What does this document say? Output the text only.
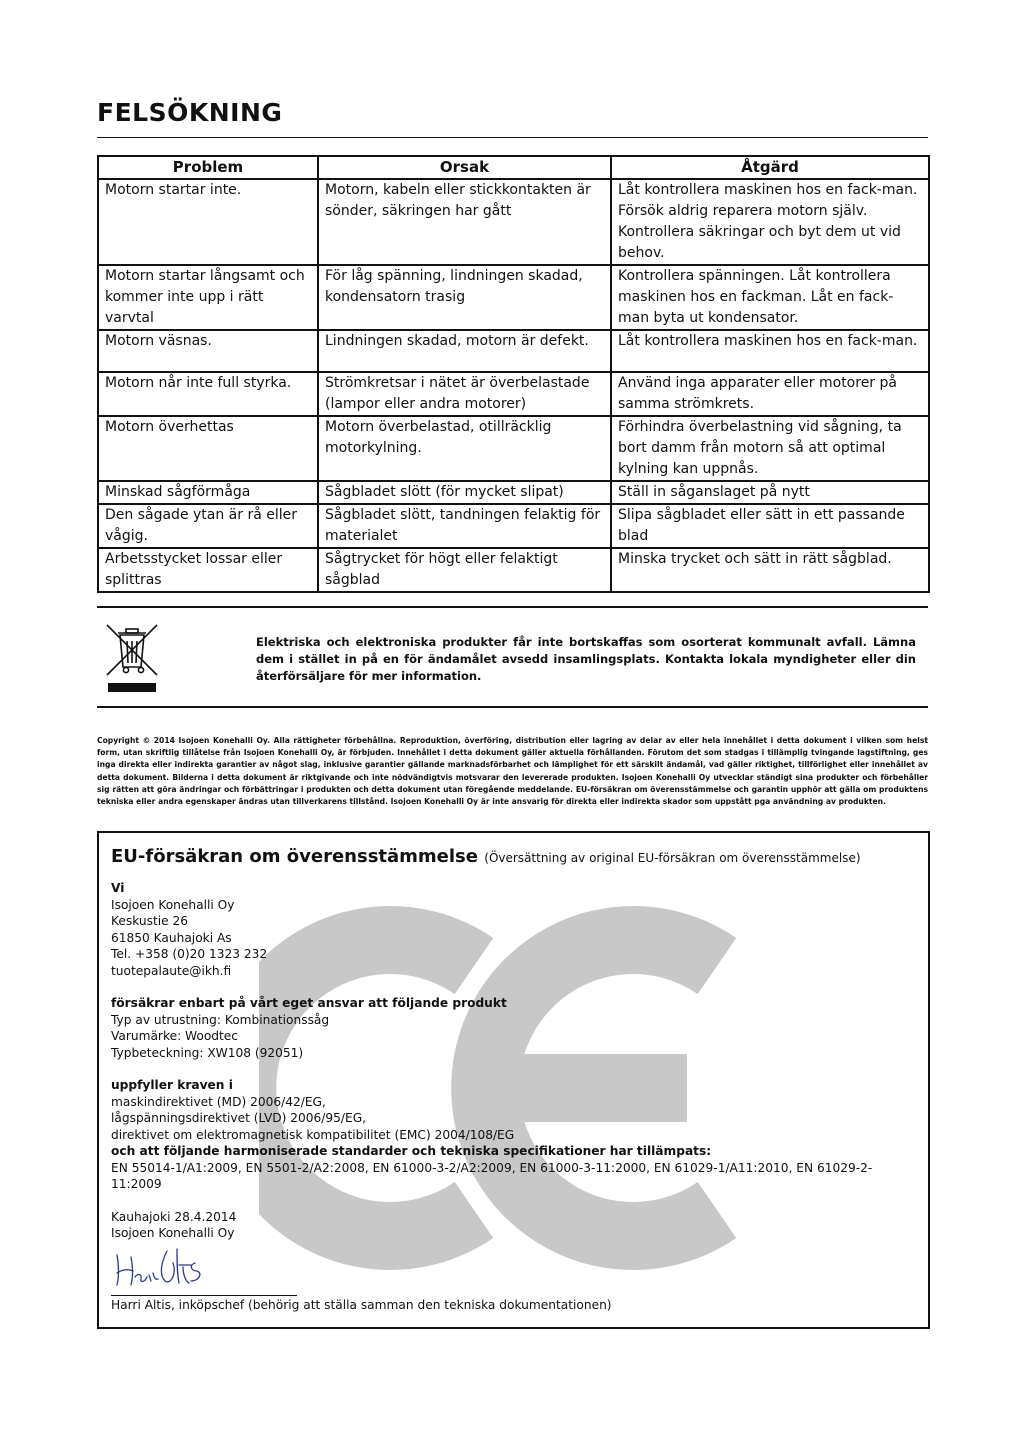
FELSÖKNING
Problem	Orsak	Åtgärd
Motorn startar inte.	Motorn, kabeln eller stickkontakten är sönder, säkringen har gått	Låt kontrollera maskinen hos en fack-man. Försök aldrig reparera motorn själv. Kontrollera säkringar och byt dem ut vid behov.
Motorn startar långsamt och kommer inte upp i rätt varvtal	För låg spänning, lindningen skadad, kondensatorn trasig	Kontrollera spänningen. Låt kontrollera maskinen hos en fackman. Låt en fack-man byta ut kondensator.
Motorn väsnas.	Lindningen skadad, motorn är defekt.	Låt kontrollera maskinen hos en fack-man.
Motorn når inte full styrka.	Strömkretsar i nätet är överbelastade (lampor eller andra motorer)	Använd inga apparater eller motorer på samma strömkrets.
Motorn överhettas	Motorn överbelastad, otillräcklig motorkylning.	Förhindra överbelastning vid sågning, ta bort damm från motorn så att optimal kylning kan uppnås.
Minskad sågförmåga	Sågbladet slött (för mycket slipat)	Ställ in såganslaget på nytt
Den sågade ytan är rå eller vågig.	Sågbladet slött, tandningen felaktig för materialet	Slipa sågbladet eller sätt in ett passande blad
Arbetsstycket lossar eller splittras	Sågtrycket för högt eller felaktigt sågblad	Minska trycket och sätt in rätt sågblad.
Elektriska och elektroniska produkter får inte bortskaffas som osorterat kommunalt avfall. Lämna dem i stället in på en för ändamålet avsedd insamlingsplats. Kontakta lokala myndigheter eller din återförsäljare för mer information.
Copyright © 2014 Isojoen Konehalli Oy. Alla rättigheter förbehållna. Reproduktion, överföring, distribution eller lagring av delar av eller hela innehållet i detta dokument i vilken som helst form, utan skriftlig tillåtelse från Isojoen Konehalli Oy, är förbjuden. Innehållet i detta dokument gäller aktuella förhållanden. Förutom det som stadgas i tillämplig tvingande lagstiftning, ges inga direkta eller indirekta garantier av något slag, inklusive garantier gällande marknadsförbarhet och lämplighet för ett särskilt ändamål, vad gäller riktighet, tillförlighet eller innehållet av detta dokument. Bilderna i detta dokument är riktgivande och inte nödvändigtvis motsvarar den levererade produkten. Isojoen Konehalli Oy utvecklar ständigt sina produkter och förbehåller sig rätten att göra ändringar och förbättringar i produkten och detta dokument utan föregående meddelande. EU-försäkran om överensstämmelse och garantin upphör att gälla om produktens tekniska eller andra egenskaper ändras utan tillverkarens tillstånd. Isojoen Konehalli Oy är inte ansvarig för direkta eller indirekta skador som uppstått pga användning av produkten.
EU-försäkran om överensstämmelse (Översättning av original EU-försäkran om överensstämmelse)
Vi
Isojoen Konehalli Oy
Keskustie 26
61850 Kauhajoki As
Tel. +358 (0)20 1323 232
tuotepalaute@ikh.fi
försäkrar enbart på vårt eget ansvar att följande produkt
Typ av utrustning: Kombinationssåg
Varumärke: Woodtec
Typbeteckning: XW108 (92051)
uppfyller kraven i
maskindirektivet (MD) 2006/42/EG,
lågspänningsdirektivet (LVD) 2006/95/EG,
direktivet om elektromagnetisk kompatibilitet (EMC) 2004/108/EG
och att följande harmoniserade standarder och tekniska specifikationer har tillämpats:
EN 55014-1/A1:2009, EN 5501-2/A2:2008, EN 61000-3-2/A2:2009, EN 61000-3-11:2000, EN 61029-1/A11:2010, EN 61029-2-11:2009
Kauhajoki 28.4.2014
Isojoen Konehalli Oy
Harri Altis, inköpschef (behörig att ställa samman den tekniska dokumentationen)
